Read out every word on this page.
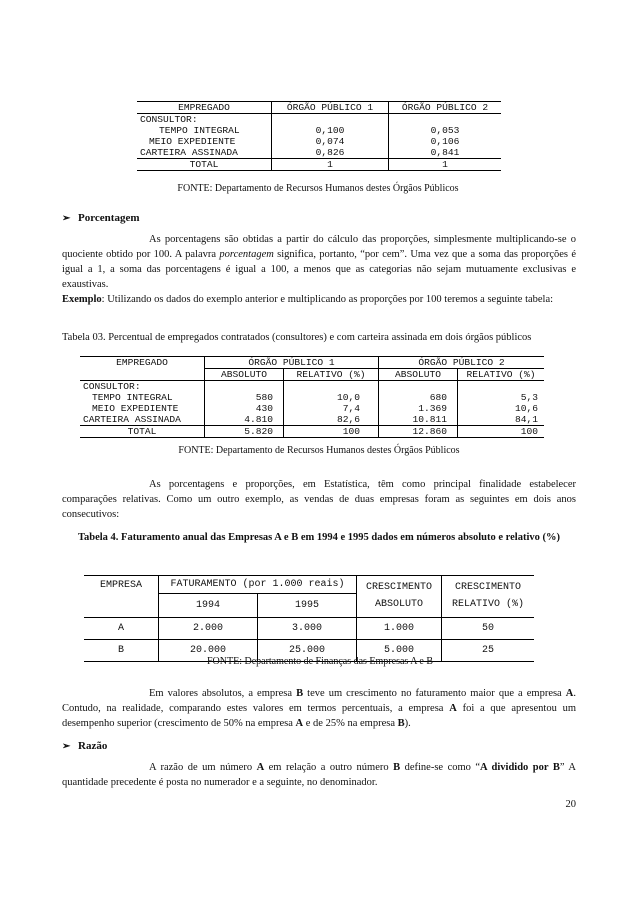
EMPREGADO	ÓRGÃO PÚBLICO 1	ÓRGÃO PÚBLICO 2
CONSULTOR:		
TEMPO INTEGRAL	0,100	0,053
MEIO EXPEDIENTE	0,074	0,106
CARTEIRA ASSINADA	0,826	0,841
TOTAL	1	1
FONTE: Departamento de Recursos Humanos destes Órgãos Públicos
➢ Porcentagem
As porcentagens são obtidas a partir do cálculo das proporções, simplesmente multiplicando-se o quociente obtido por 100. A palavra porcentagem significa, portanto, “por cem”. Uma vez que a soma das proporções é igual a 1, a soma das porcentagens é igual a 100, a menos que as categorias não sejam mutuamente exclusivas e exaustivas.
Exemplo: Utilizando os dados do exemplo anterior e multiplicando as proporções por 100 teremos a seguinte tabela:
Tabela 03. Percentual de empregados contratados (consultores) e com carteira assinada em dois órgãos públicos
EMPREGADO	ÓRGÃO PÚBLICO 1		ÓRGÃO PÚBLICO 2	
	ABSOLUTO	RELATIVO (%)	ABSOLUTO	RELATIVO (%)
CONSULTOR:				
TEMPO INTEGRAL	580	10,0	680	5,3
MEIO EXPEDIENTE	430	7,4	1.369	10,6
CARTEIRA ASSINADA	4.810	82,6	10.811	84,1
TOTAL	5.820	100	12.860	100
FONTE: Departamento de Recursos Humanos destes Órgãos Públicos
As porcentagens e proporções, em Estatística, têm como principal finalidade estabelecer comparações relativas. Como um outro exemplo, as vendas de duas empresas foram as seguintes em dois anos consecutivos:
Tabela 4. Faturamento anual das Empresas A e B em 1994 e 1995 dados em números absoluto e relativo (%)
EMPRESA	FATURAMENTO (por 1.000 reais)		CRESCIMENTO	CRESCIMENTO
	1994	1995	ABSOLUTO	RELATIVO (%)
A	2.000	3.000	1.000	50
B	20.000	25.000	5.000	25
FONTE: Departamento de Finanças das Empresas A e B
Em valores absolutos, a empresa B teve um crescimento no faturamento maior que a empresa A. Contudo, na realidade, comparando estes valores em termos percentuais, a empresa A foi a que apresentou um desempenho superior (crescimento de 50% na empresa A e de 25% na empresa B).
➢ Razão
A razão de um número A em relação a outro número B define-se como “A dividido por B” A quantidade precedente é posta no numerador e a seguinte, no denominador.
20
